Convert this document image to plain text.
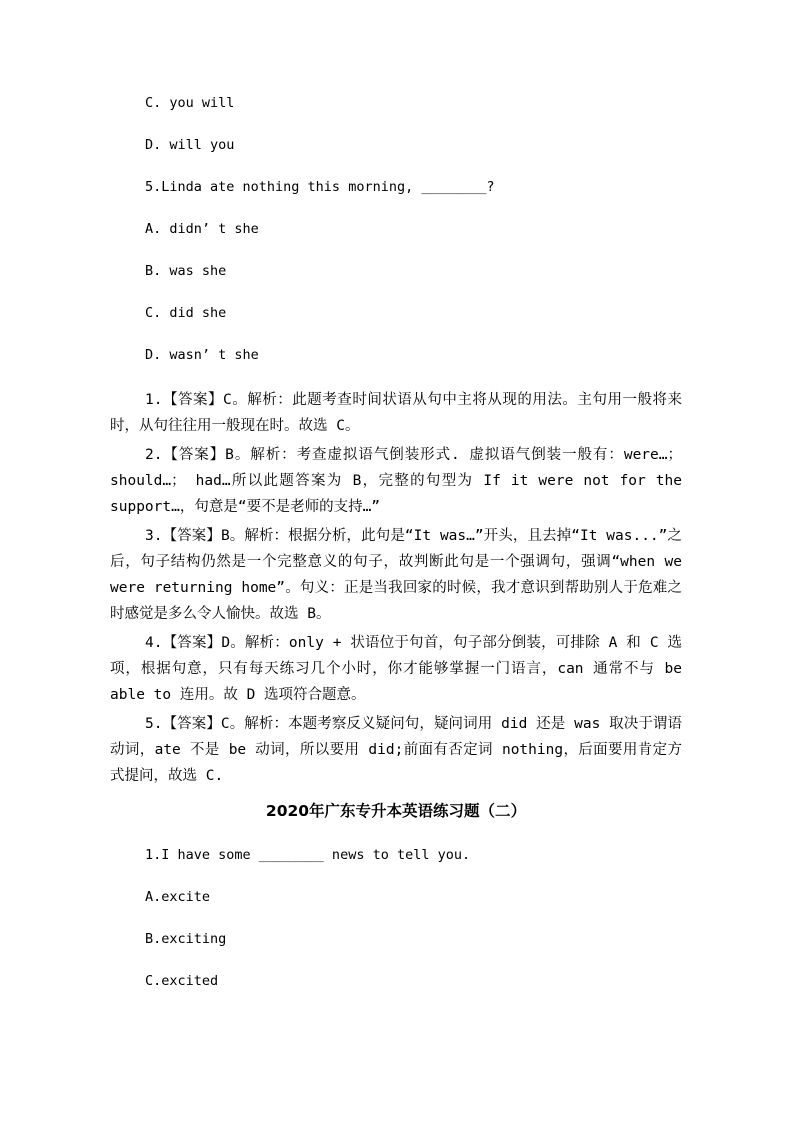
C. you will
D. will you
5.Linda ate nothing this morning, ________?
A. didn’ t she
B. was she
C. did she
D. wasn’ t she

1.【答案】C。解析：此题考查时间状语从句中主将从现的用法。主句用一般将来时，从句往往用一般现在时。故选 C。

2.【答案】B。解析：考查虚拟语气倒装形式. 虚拟语气倒装一般有：were…；should…； had…所以此题答案为 B，完整的句型为 If it were not for the support…，句意是“要不是老师的支持…”

3.【答案】B。解析：根据分析，此句是“It was…”开头，且去掉“It was...”之后，句子结构仍然是一个完整意义的句子，故判断此句是一个强调句，强调“when we were returning home”。句义：正是当我回家的时候，我才意识到帮助别人于危难之时感觉是多么令人愉快。故选 B。

4.【答案】D。解析：only + 状语位于句首，句子部分倒装，可排除 A 和 C 选项，根据句意，只有每天练习几个小时，你才能够掌握一门语言，can 通常不与 be able to 连用。故 D 选项符合题意。

5.【答案】C。解析：本题考察反义疑问句，疑问词用 did 还是 was 取决于谓语动词，ate 不是 be 动词，所以要用 did;前面有否定词 nothing，后面要用肯定方式提问，故选 C.

2020年广东专升本英语练习题（二）
1.I have some ________ news to tell you.
A.excite
B.exciting
C.excited
